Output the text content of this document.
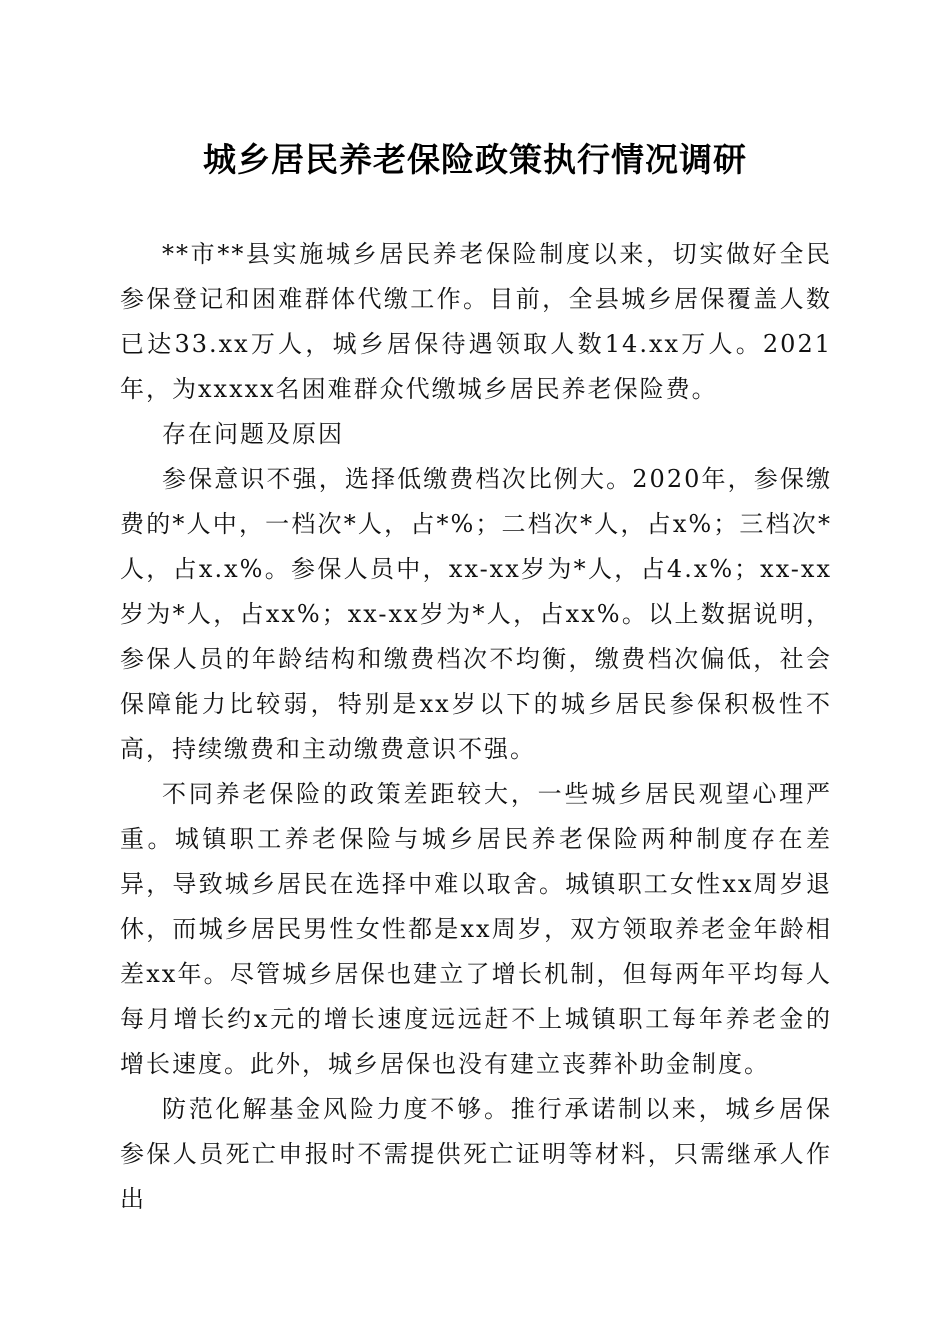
城乡居民养老保险政策执行情况调研

**市**县实施城乡居民养老保险制度以来，切实做好全民参保登记和困难群体代缴工作。目前，全县城乡居保覆盖人数已达33.xx万人，城乡居保待遇领取人数14.xx万人。2021年，为xxxxx名困难群众代缴城乡居民养老保险费。

存在问题及原因

参保意识不强，选择低缴费档次比例大。2020年，参保缴费的*人中，一档次*人，占*%；二档次*人，占x%；三档次*人，占x.x%。参保人员中，xx-xx岁为*人，占4.x%；xx-xx岁为*人，占xx%；xx-xx岁为*人，占xx%。以上数据说明，参保人员的年龄结构和缴费档次不均衡，缴费档次偏低，社会保障能力比较弱，特别是xx岁以下的城乡居民参保积极性不高，持续缴费和主动缴费意识不强。

不同养老保险的政策差距较大，一些城乡居民观望心理严重。城镇职工养老保险与城乡居民养老保险两种制度存在差异，导致城乡居民在选择中难以取舍。城镇职工女性xx周岁退休，而城乡居民男性女性都是xx周岁，双方领取养老金年龄相差xx年。尽管城乡居保也建立了增长机制，但每两年平均每人每月增长约x元的增长速度远远赶不上城镇职工每年养老金的增长速度。此外，城乡居保也没有建立丧葬补助金制度。

防范化解基金风险力度不够。推行承诺制以来，城乡居保参保人员死亡申报时不需提供死亡证明等材料，只需继承人作出
